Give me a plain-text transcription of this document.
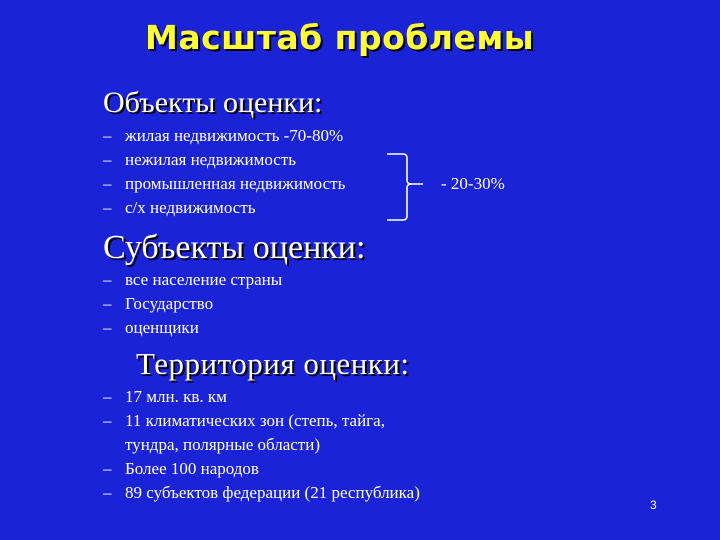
Масштаб проблемы
Объекты оценки:
– жилая недвижимость -70-80%
– нежилая недвижимость
– промышленная недвижимость
– с/х недвижимость
- 20-30%
Субъекты оценки:
– все население страны
– Государство
– оценщики
Территория оценки:
– 17 млн. кв. км
– 11 климатических зон (степь, тайга,
тундра, полярные области)
– Более 100 народов
– 89 субъектов федерации (21 республика)
3
